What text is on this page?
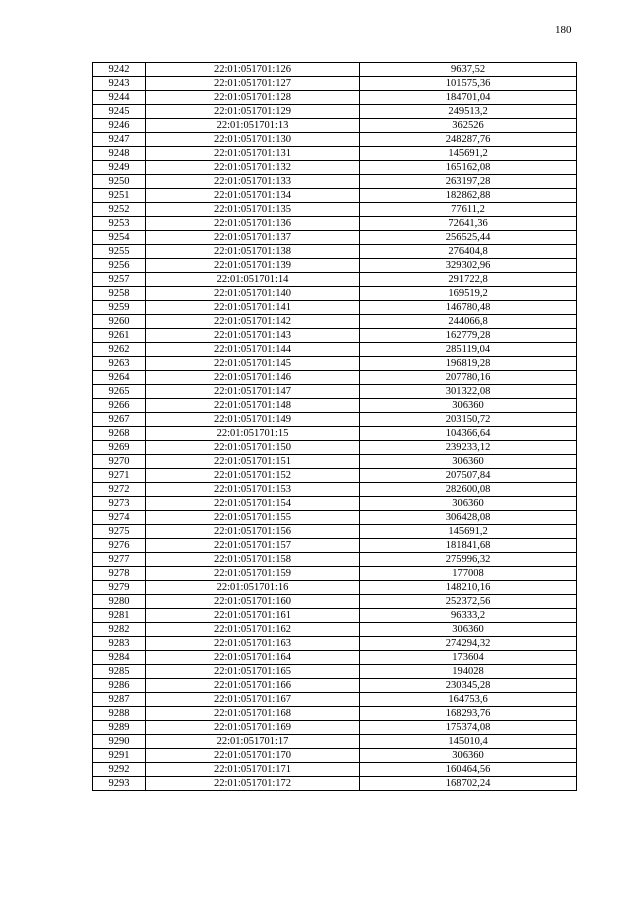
180
9242	22:01:051701:126	9637,52
9243	22:01:051701:127	101575,36
9244	22:01:051701:128	184701,04
9245	22:01:051701:129	249513,2
9246	22:01:051701:13	362526
9247	22:01:051701:130	248287,76
9248	22:01:051701:131	145691,2
9249	22:01:051701:132	165162,08
9250	22:01:051701:133	263197,28
9251	22:01:051701:134	182862,88
9252	22:01:051701:135	77611,2
9253	22:01:051701:136	72641,36
9254	22:01:051701:137	256525,44
9255	22:01:051701:138	276404,8
9256	22:01:051701:139	329302,96
9257	22:01:051701:14	291722,8
9258	22:01:051701:140	169519,2
9259	22:01:051701:141	146780,48
9260	22:01:051701:142	244066,8
9261	22:01:051701:143	162779,28
9262	22:01:051701:144	285119,04
9263	22:01:051701:145	196819,28
9264	22:01:051701:146	207780,16
9265	22:01:051701:147	301322,08
9266	22:01:051701:148	306360
9267	22:01:051701:149	203150,72
9268	22:01:051701:15	104366,64
9269	22:01:051701:150	239233,12
9270	22:01:051701:151	306360
9271	22:01:051701:152	207507,84
9272	22:01:051701:153	282600,08
9273	22:01:051701:154	306360
9274	22:01:051701:155	306428,08
9275	22:01:051701:156	145691,2
9276	22:01:051701:157	181841,68
9277	22:01:051701:158	275996,32
9278	22:01:051701:159	177008
9279	22:01:051701:16	148210,16
9280	22:01:051701:160	252372,56
9281	22:01:051701:161	96333,2
9282	22:01:051701:162	306360
9283	22:01:051701:163	274294,32
9284	22:01:051701:164	173604
9285	22:01:051701:165	194028
9286	22:01:051701:166	230345,28
9287	22:01:051701:167	164753,6
9288	22:01:051701:168	168293,76
9289	22:01:051701:169	175374,08
9290	22:01:051701:17	145010,4
9291	22:01:051701:170	306360
9292	22:01:051701:171	160464,56
9293	22:01:051701:172	168702,24
